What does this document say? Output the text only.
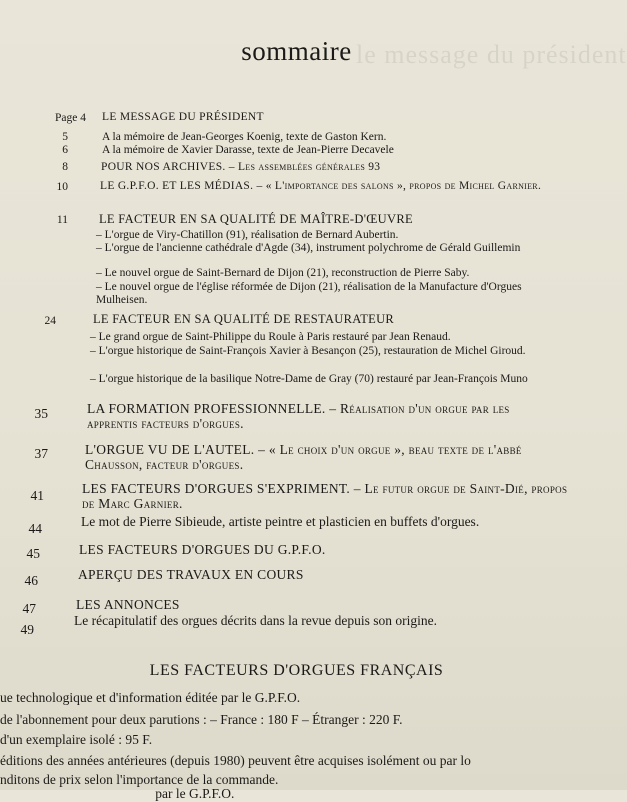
le message du président
sommaire
Page 4 LE MESSAGE DU PRÉSIDENT
5	A la mémoire de Jean-Georges Koenig, texte de Gaston Kern.
6	A la mémoire de Xavier Darasse, texte de Jean-Pierre Decavele
8	POUR NOS ARCHIVES. – Les assemblées générales 93
10	LE G.P.F.O. ET LES MÉDIAS. – « L'importance des salons », propos de Michel Garnier.
11 LE FACTEUR EN SA QUALITÉ DE MAÎTRE-D'ŒUVRE
– L'orgue de Viry-Chatillon (91), réalisation de Bernard Aubertin.
– L'orgue de l'ancienne cathédrale d'Agde (34), instrument polychrome de Gérald Guillemin
– Le nouvel orgue de Saint-Bernard de Dijon (21), reconstruction de Pierre Saby.
– Le nouvel orgue de l'église réformée de Dijon (21), réalisation de la Manufacture d'Orgues Mulheisen.
24	LE FACTEUR EN SA QUALITÉ DE RESTAURATEUR
– Le grand orgue de Saint-Philippe du Roule à Paris restauré par Jean Renaud.
– L'orgue historique de Saint-François Xavier à Besançon (25), restauration de Michel Giroud.
– L'orgue historique de la basilique Notre-Dame de Gray (70) restauré par Jean-François Muno
35	LA FORMATION PROFESSIONNELLE. – Réalisation d'un orgue par les apprentis facteurs d'orgues.
37	L'ORGUE VU DE L'AUTEL. – « Le choix d'un orgue », beau texte de l'abbé Chausson, facteur d'orgues.
41	LES FACTEURS D'ORGUES S'EXPRIMENT. – Le futur orgue de Saint-Dié, propos de Marc Garnier.
44	Le mot de Pierre Sibieude, artiste peintre et plasticien en buffets d'orgues.
45	LES FACTEURS D'ORGUES DU G.P.F.O.
46	APERÇU DES TRAVAUX EN COURS
47	LES ANNONCES
49
Le récapitulatif des orgues décrits dans la revue depuis son origine.
LES FACTEURS D'ORGUES FRANÇAIS
ue technologique et d'information éditée par le G.P.F.O.
de l'abonnement pour deux parutions : – France : 180 F – Étranger : 220 F.
d'un exemplaire isolé : 95 F.
éditions des années antérieures (depuis 1980) peuvent être acquises isolément ou par lo
nditons de prix selon l'importance de la commande.
par le G.P.F.O.
